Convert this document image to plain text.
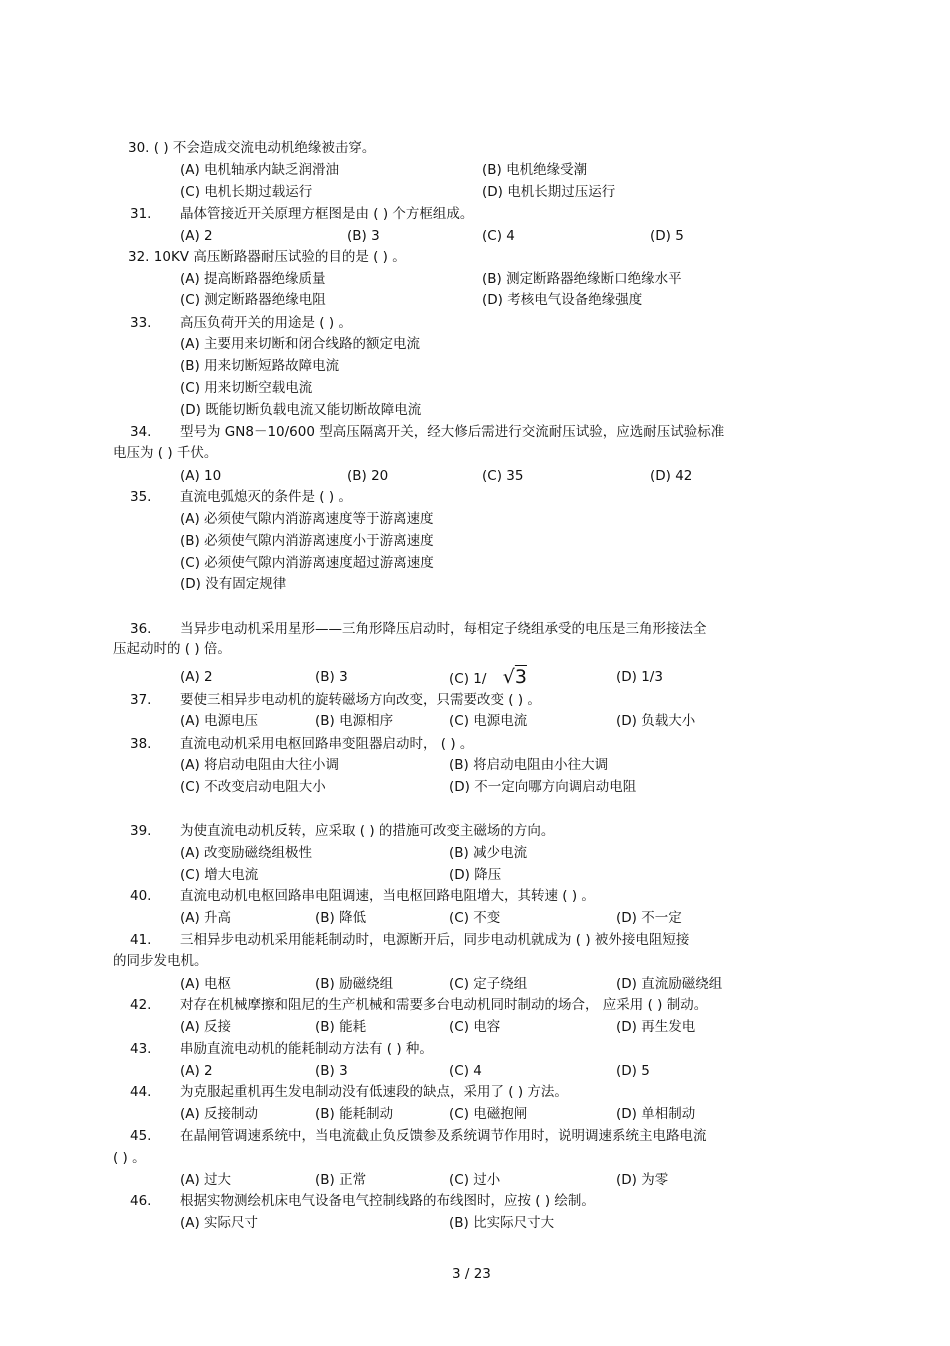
30. ( ) 不会造成交流电动机绝缘被击穿。
(A) 电机轴承内缺乏润滑油	(B) 电机绝缘受潮
(C) 电机长期过载运行	(D) 电机长期过压运行
31. 晶体管接近开关原理方框图是由 ( ) 个方框组成。
(A) 2	(B) 3	(C) 4	(D) 5
32. 10KV 高压断路器耐压试验的目的是 ( ) 。
(A) 提高断路器绝缘质量	(B) 测定断路器绝缘断口绝缘水平
(C) 测定断路器绝缘电阻	(D) 考核电气设备绝缘强度
33. 高压负荷开关的用途是 ( ) 。
(A) 主要用来切断和闭合线路的额定电流
(B) 用来切断短路故障电流
(C) 用来切断空载电流
(D) 既能切断负载电流又能切断故障电流
34. 型号为 GN8－10/600 型高压隔离开关，经大修后需进行交流耐压试验，应选耐压试验标准
电压为 ( ) 千伏。
(A) 10	(B) 20	(C) 35	(D) 42
35. 直流电弧熄灭的条件是 ( ) 。
(A) 必须使气隙内消游离速度等于游离速度
(B) 必须使气隙内消游离速度小于游离速度
(C) 必须使气隙内消游离速度超过游离速度
(D) 没有固定规律
36. 当异步电动机采用星形——三角形降压启动时，每相定子绕组承受的电压是三角形接法全
压起动时的 ( ) 倍。
(A) 2	(B) 3	(C) 1/   √3	(D) 1/3
37. 要使三相异步电动机的旋转磁场方向改变，只需要改变 ( ) 。
(A) 电源电压	(B) 电源相序	(C) 电源电流	(D) 负载大小
38. 直流电动机采用电枢回路串变阻器启动时， ( ) 。
(A) 将启动电阻由大往小调	(B) 将启动电阻由小往大调
(C) 不改变启动电阻大小	(D) 不一定向哪方向调启动电阻
39. 为使直流电动机反转，应采取 ( ) 的措施可改变主磁场的方向。
(A) 改变励磁绕组极性	(B) 减少电流
(C) 增大电流	(D) 降压
40. 直流电动机电枢回路串电阻调速，当电枢回路电阻增大，其转速 ( ) 。
(A) 升高	(B) 降低	(C) 不变	(D) 不一定
41. 三相异步电动机采用能耗制动时，电源断开后，同步电动机就成为 ( ) 被外接电阻短接
的同步发电机。
(A) 电枢	(B) 励磁绕组	(C) 定子绕组	(D) 直流励磁绕组
42. 对存在机械摩擦和阻尼的生产机械和需要多台电动机同时制动的场合， 应采用 ( ) 制动。
(A) 反接	(B) 能耗	(C) 电容	(D) 再生发电
43. 串励直流电动机的能耗制动方法有 ( ) 种。
(A) 2	(B) 3	(C) 4	(D) 5
44. 为克服起重机再生发电制动没有低速段的缺点，采用了 ( ) 方法。
(A) 反接制动	(B) 能耗制动	(C) 电磁抱闸	(D) 单相制动
45. 在晶闸管调速系统中，当电流截止负反馈参及系统调节作用时，说明调速系统主电路电流
( ) 。
(A) 过大	(B) 正常	(C) 过小	(D) 为零
46. 根据实物测绘机床电气设备电气控制线路的布线图时，应按 ( ) 绘制。
(A) 实际尺寸	(B) 比实际尺寸大
3 / 23
